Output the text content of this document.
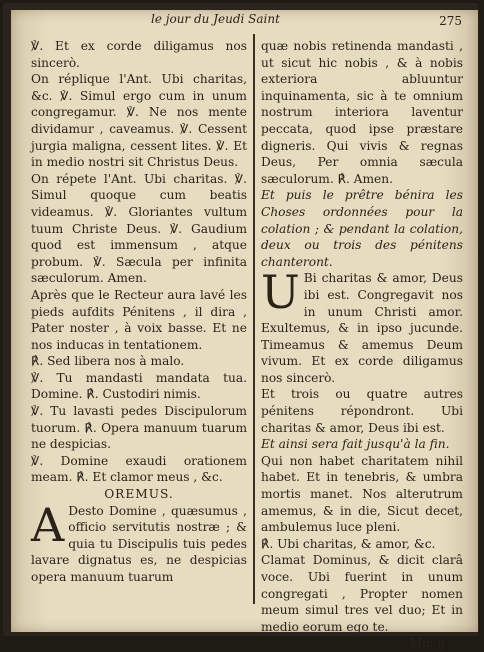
le jour du Jeudi Saint	275

℣. Et ex corde diligamus nos sincerò.

On réplique l'Ant. Ubi charitas, &c. ℣. Simul ergo cum in unum congregamur. ℣. Ne nos mente dividamur , caveamus. ℣. Cessent jurgia maligna, cessent lites. ℣. Et in medio nostri sit Christus Deus.

On répete l'Ant. Ubi charitas. ℣. Simul quoque cum beatis videamus. ℣. Gloriantes vultum tuum Christe Deus. ℣. Gaudium quod est immensum , atque probum. ℣. Sæcula per infinita sæculorum. Amen.

Après que le Recteur aura lavé les pieds aufdits Pénitens , il dira , Pater noster , à voix basse. Et ne nos inducas in tentationem.

℟. Sed libera nos à malo.

℣. Tu mandasti mandata tua. Domine. ℟. Custodiri nimis.

℣. Tu lavasti pedes Discipulorum tuorum. ℟. Opera manuum tuarum ne despicias.

℣. Domine exaudi orationem meam. ℟. Et clamor meus , &c.

OREMUS.

A Desto Domine , quæsumus , officio servitutis nostræ ; & quia tu Discipulis tuis pedes lavare dignatus es, ne despicias opera manuum tuarum

quæ nobis retinenda mandasti , ut sicut hic nobis , & à nobis exteriora abluuntur inquinamenta, sic à te omnium nostrum interiora laventur peccata, quod ipse præstare digneris. Qui vivis & regnas Deus, Per omnia sæcula sæculorum. ℟. Amen.

Et puis le prêtre bénira les Choses ordonnées pour la colation ; & pendant la colation, deux ou trois des pénitens chanteront.

U Bi charitas & amor, Deus ibi est. Congregavit nos in unum Christi amor. Exultemus, & in ipso jucunde. Timeamus & amemus Deum vivum. Et ex corde diligamus nos sincerò.

Et trois ou quatre autres pénitens répondront. Ubi charitas & amor, Deus ibi est.

Et ainsi sera fait jusqu'à la fin.

Qui non habet charitatem nihil habet. Et in tenebris, & umbra mortis manet. Nos alterutrum amemus, & in die, Sicut decet, ambulemus luce pleni.

℟. Ubi charitas, & amor, &c.

Clamat Dominus, & dicit clarâ voce. Ubi fuerint in unum congregati , Propter nomen meum simul tres vel duo; Et in medio eorum ego te.

Mm ij
